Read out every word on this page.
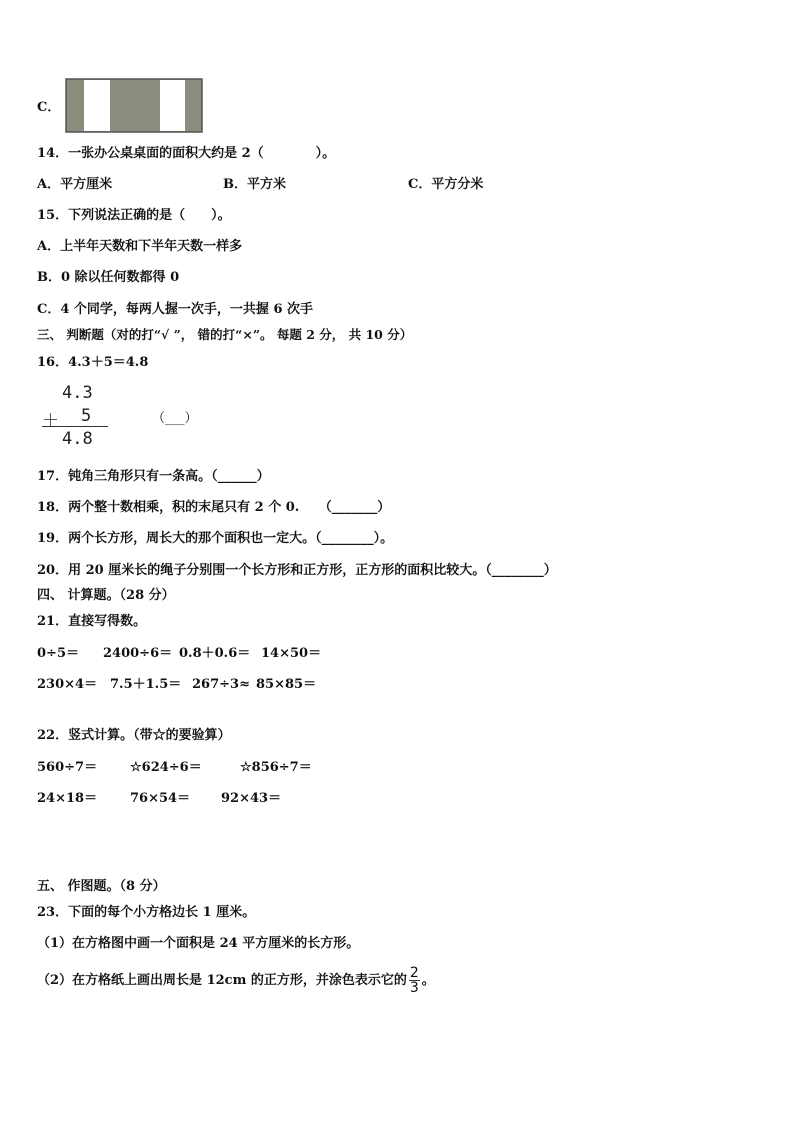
C．
14．一张办公桌桌面的面积大约是 2（　　　　）。
A．平方厘米	B．平方米	C．平方分米
15．下列说法正确的是（　　）。
A．上半年天数和下半年天数一样多
B．0 除以任何数都得 0
C．4 个同学，每两人握一次手，一共握 6 次手
三、 判断题（对的打“√ ”， 错的打“×”。 每题 2 分， 共 10 分）
16．4.3＋5＝4.8
4.3
＋ 5
4.8
（___）
17．钝角三角形只有一条高。（______）
18．两个整十数相乘，积的末尾只有 2 个 0.　　（_______）
19．两个长方形，周长大的那个面积也一定大。（________）。
20．用 20 厘米长的绳子分别围一个长方形和正方形，正方形的面积比较大。（________）
四、 计算题。（28 分）
21．直接写得数。
0÷5＝ 2400÷6＝ 0.8＋0.6＝ 14×50＝
230×4＝ 7.5＋1.5＝ 267÷3≈ 85×85＝
22．竖式计算。（带☆的要验算）
560÷7＝	☆624÷6＝	☆856÷7＝
24×18＝	76×54＝ 92×43＝
五、 作图题。（8 分）
23．下面的每个小方格边长 1 厘米。
（1）在方格图中画一个面积是 24 平方厘米的长方形。
（2）在方格纸上画出周长是 12cm 的正方形，并涂色表示它的 $\frac{2}{3}$ 。
